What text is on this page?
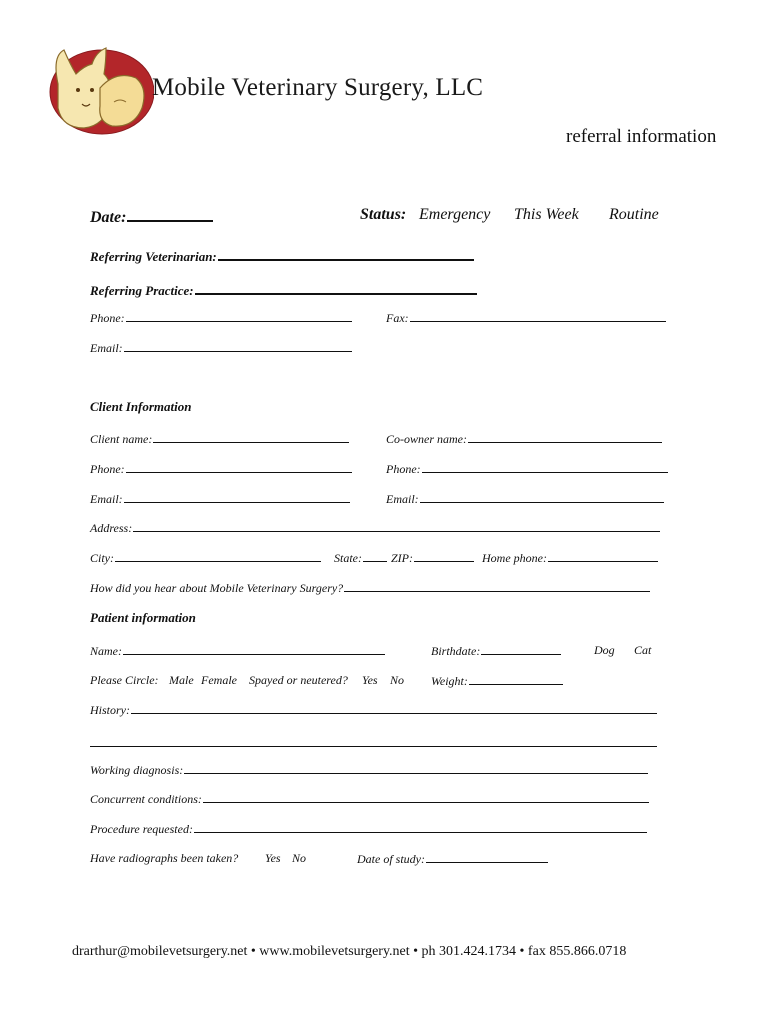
Mobile Veterinary Surgery, LLC
referral information
Date:	Status: Emergency This Week Routine
Referring Veterinarian:
Referring Practice:
Phone:	Fax:
Email:
Client Information
Client name:	Co-owner name:
Phone:	Phone:
Email:	Email:
Address:
City:	State:	ZIP:	Home phone:
How did you hear about Mobile Veterinary Surgery?
Patient information
Name:	Birthdate:	Dog Cat
Please Circle: Male Female Spayed or neutered? Yes No Weight:
History:
Working diagnosis:
Concurrent conditions:
Procedure requested:
Have radiographs been taken? Yes No	Date of study:
drarthur@mobilevetsurgery.net • www.mobilevetsurgery.net • ph 301.424.1734 • fax 855.866.0718
